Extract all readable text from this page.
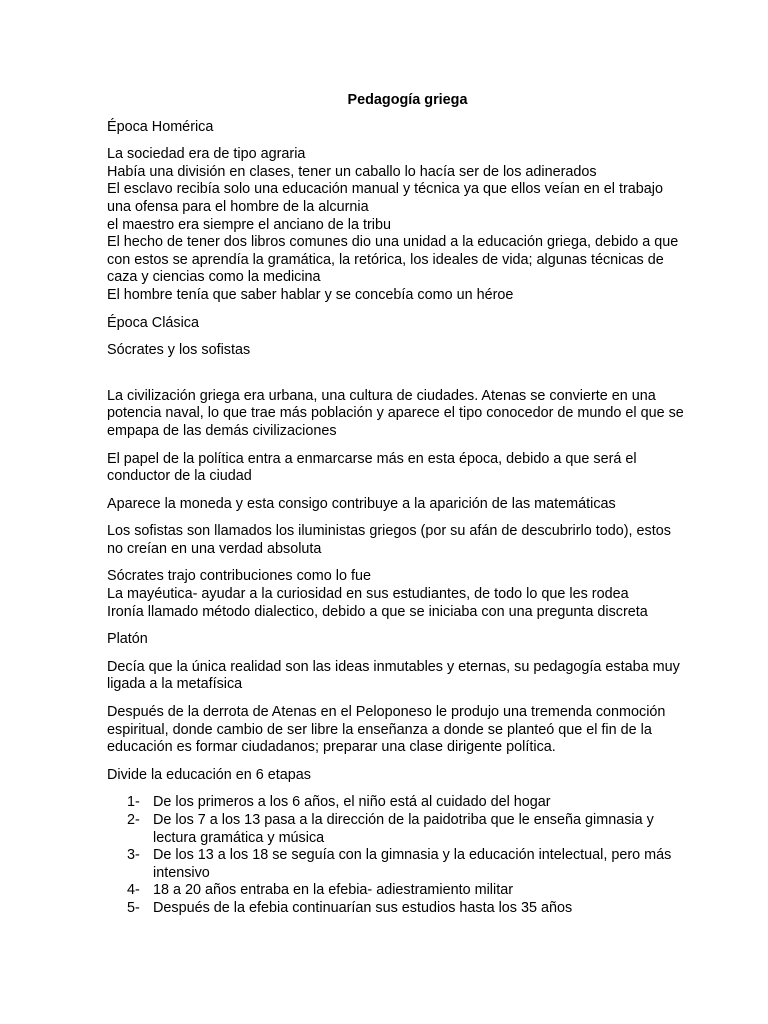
Pedagogía griega

Época Homérica

La sociedad era de tipo agraria
Había una división en clases, tener un caballo lo hacía ser de los adinerados
El esclavo recibía solo una educación manual y técnica ya que ellos veían en el trabajo
una ofensa para el hombre de la alcurnia
el maestro era siempre el anciano de la tribu
El hecho de tener dos libros comunes dio una unidad a la educación griega, debido a que
con estos se aprendía la gramática, la retórica, los ideales de vida; algunas técnicas de
caza y ciencias como la medicina
El hombre tenía que saber hablar y se concebía como un héroe

Época Clásica

Sócrates y los sofistas

La civilización griega era urbana, una cultura de ciudades. Atenas se convierte en una
potencia naval, lo que trae más población y aparece el tipo conocedor de mundo el que se
empapa de las demás civilizaciones

El papel de la política entra a enmarcarse más en esta época, debido a que será el
conductor de la ciudad

Aparece la moneda y esta consigo contribuye a la aparición de las matemáticas

Los sofistas son llamados los iluministas griegos (por su afán de descubrirlo todo), estos
no creían en una verdad absoluta

Sócrates trajo contribuciones como lo fue
La mayéutica- ayudar a la curiosidad en sus estudiantes, de todo lo que les rodea
Ironía llamado método dialectico, debido a que se iniciaba con una pregunta discreta

Platón

Decía que la única realidad son las ideas inmutables y eternas, su pedagogía estaba muy
ligada a la metafísica

Después de la derrota de Atenas en el Peloponeso le produjo una tremenda conmoción
espiritual, donde cambio de ser libre la enseñanza a donde se planteó que el fin de la
educación es formar ciudadanos; preparar una clase dirigente política.

Divide la educación en 6 etapas

1- De los primeros a los 6 años, el niño está al cuidado del hogar
2- De los 7 a los 13 pasa a la dirección de la paidotriba que le enseña gimnasia y
lectura gramática y música
3- De los 13 a los 18 se seguía con la gimnasia y la educación intelectual, pero más
intensivo
4- 18 a 20 años entraba en la efebia- adiestramiento militar
5- Después de la efebia continuarían sus estudios hasta los 35 años
